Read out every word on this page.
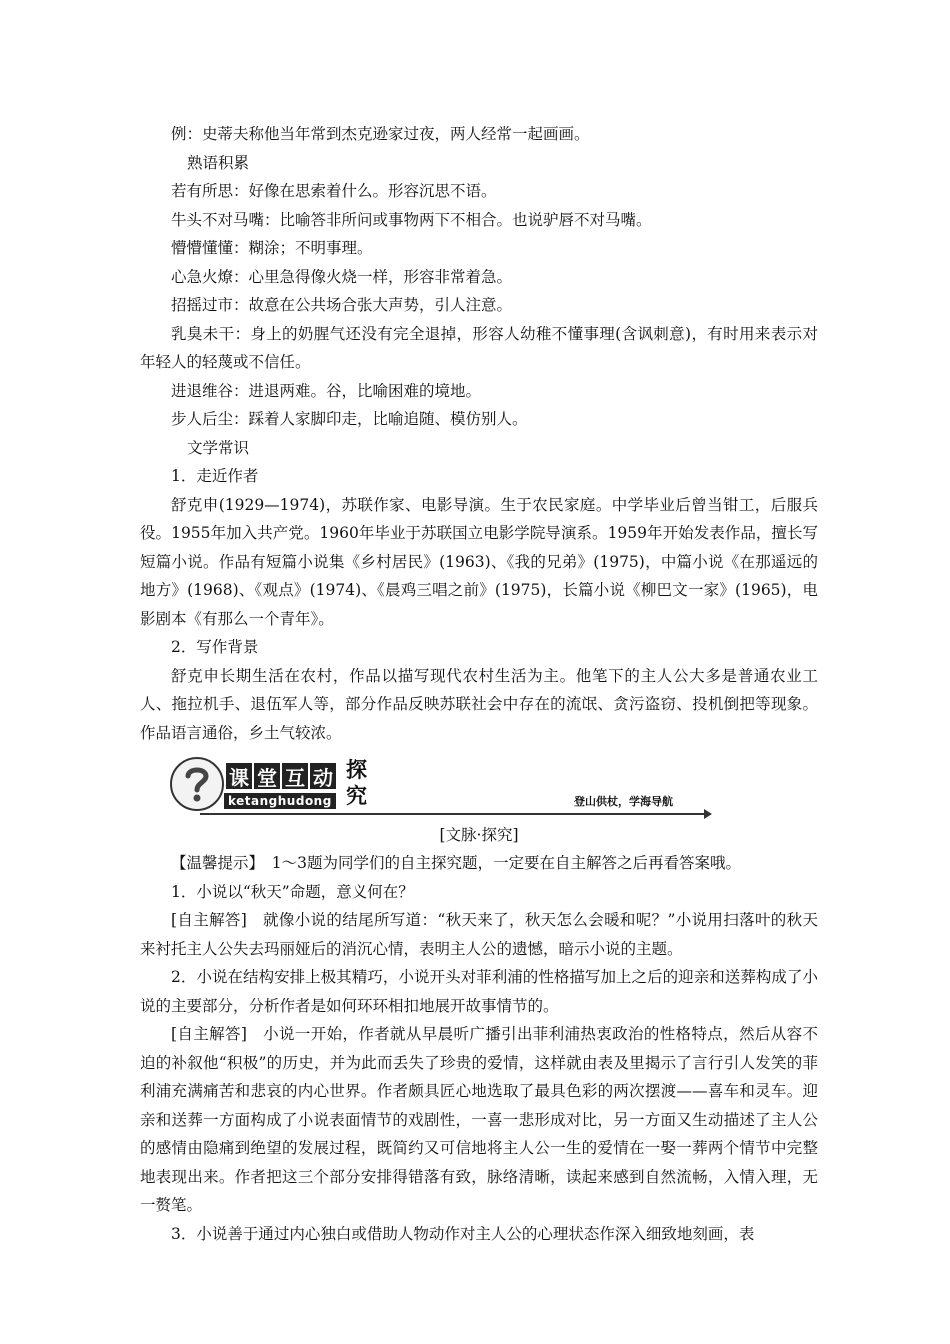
例：史蒂夫称他当年常到杰克逊家过夜，两人经常一起画画。

熟语积累

若有所思：好像在思索着什么。形容沉思不语。

牛头不对马嘴：比喻答非所问或事物两下不相合。也说驴唇不对马嘴。

懵懵懂懂：糊涂；不明事理。

心急火燎：心里急得像火烧一样，形容非常着急。

招摇过市：故意在公共场合张大声势，引人注意。

乳臭未干：身上的奶腥气还没有完全退掉，形容人幼稚不懂事理(含讽刺意)，有时用来表示对年轻人的轻蔑或不信任。

进退维谷：进退两难。谷，比喻困难的境地。

步人后尘：踩着人家脚印走，比喻追随、模仿别人。

文学常识

1．走近作者

舒克申(1929—1974)，苏联作家、电影导演。生于农民家庭。中学毕业后曾当钳工，后服兵役。1955年加入共产党。1960年毕业于苏联国立电影学院导演系。1959年开始发表作品，擅长写短篇小说。作品有短篇小说集《乡村居民》(1963)、《我的兄弟》(1975)，中篇小说《在那遥远的地方》(1968)、《观点》(1974)、《晨鸡三唱之前》(1975)，长篇小说《柳巴文一家》(1965)，电影剧本《有那么一个青年》。

2．写作背景

舒克申长期生活在农村，作品以描写现代农村生活为主。他笔下的主人公大多是普通农业工人、拖拉机手、退伍军人等，部分作品反映苏联社会中存在的流氓、贪污盗窃、投机倒把等现象。作品语言通俗，乡土气较浓。

课 堂 互 动
ketanghudong
探究	登山供杖，学海导航

[文脉·探究]

【温馨提示】　1～3题为同学们的自主探究题，一定要在自主解答之后再看答案哦。

1．小说以“秋天”命题，意义何在？

[自主解答]　就像小说的结尾所写道：“秋天来了，秋天怎么会暖和呢？”小说用扫落叶的秋天来衬托主人公失去玛丽娅后的消沉心情，表明主人公的遗憾，暗示小说的主题。

2．小说在结构安排上极其精巧，小说开头对菲利浦的性格描写加上之后的迎亲和送葬构成了小说的主要部分，分析作者是如何环环相扣地展开故事情节的。

[自主解答]　小说一开始，作者就从早晨听广播引出菲利浦热衷政治的性格特点，然后从容不迫的补叙他“积极”的历史，并为此而丢失了珍贵的爱情，这样就由表及里揭示了言行引人发笑的菲利浦充满痛苦和悲哀的内心世界。作者颇具匠心地选取了最具色彩的两次摆渡——喜车和灵车。迎亲和送葬一方面构成了小说表面情节的戏剧性，一喜一悲形成对比，另一方面又生动描述了主人公的感情由隐痛到绝望的发展过程，既简约又可信地将主人公一生的爱情在一娶一葬两个情节中完整地表现出来。作者把这三个部分安排得错落有致，脉络清晰，读起来感到自然流畅，入情入理，无一赘笔。

3．小说善于通过内心独白或借助人物动作对主人公的心理状态作深入细致地刻画，表
